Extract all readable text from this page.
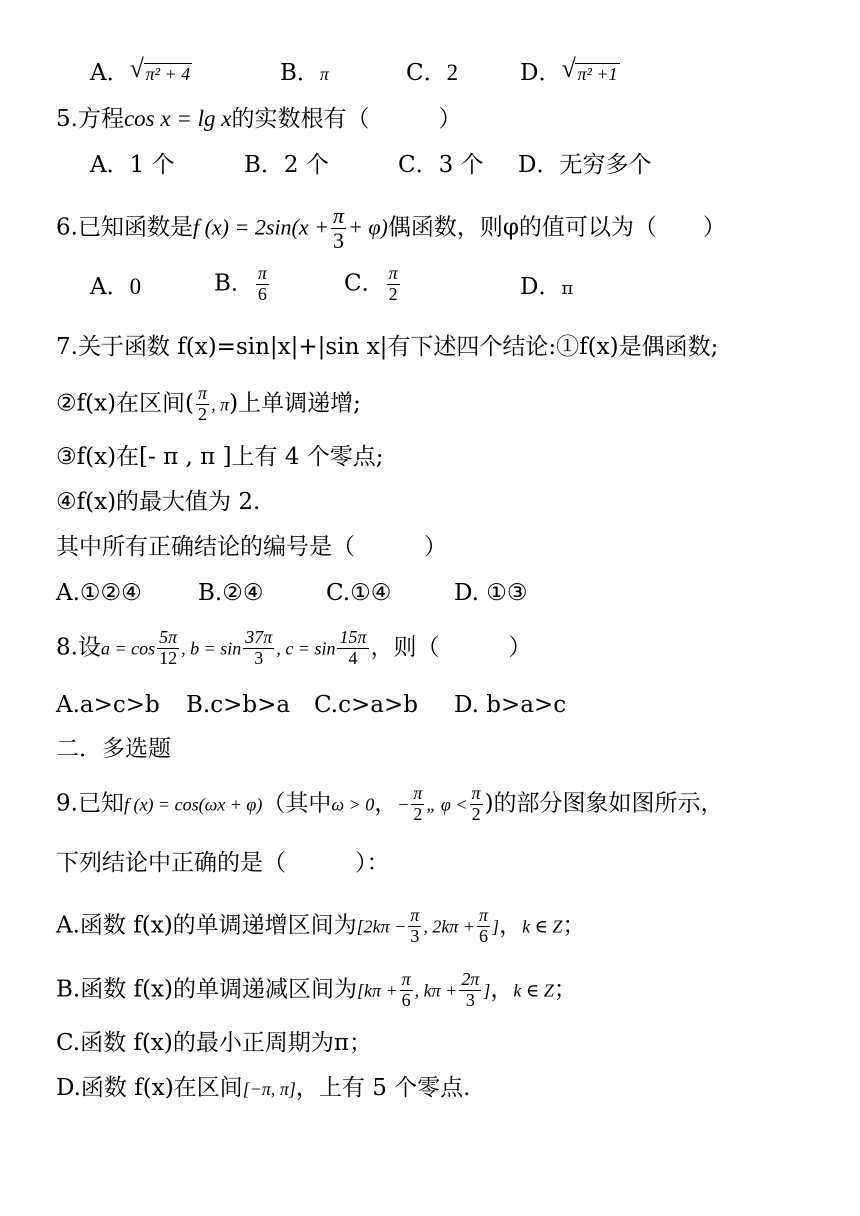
A． √ π² + 4	B．π	C．2	D． √ π² +1
5.方程cos x = lg x的实数根有（　　　）
A．1 个	B．2 个	C．3 个 D．无穷多个
6.已知函数是f $(x) = 2\sin(x + \frac{\pi}{3} + \varphi)$偶函数，则φ的值可以为（　　）
A．0	B． $\frac{\pi}{6}$	C． $\frac{\pi}{2}$	D．π
7.关于函数 f(x)=sin|x|+|sin x|有下述四个结论:①f(x)是偶函数;
②f(x)在区间( $\frac{\pi}{2}$ , π)上单调递增;
③f(x)在[- π , π ]上有 4 个零点;
④f(x)的最大值为 2.
其中所有正确结论的编号是（　　　）
A.①②④ B.②④	C.①④	D. ①③
8.设$a = \cos \frac{5\pi}{12}$ , $b = \sin \frac{37\pi}{3}$ , $c = \sin \frac{15\pi}{4}$ ，则（　　　）
A.a>c>b B.c>b>a C.c>a>b D. b>a>c
二．多选题
9.已知f (x) = cos(ωx + φ)（其中ω > 0，− $\frac{\pi}{2}$ „ $\varphi < \frac{\pi}{2}$ )的部分图象如图所示，
下列结论中正确的是（　　　）：
A.函数 f(x)的单调递增区间为[$2k\pi - \frac{\pi}{3}$ , $2k\pi + \frac{\pi}{6}$ ]，k ∈ Z；
B.函数 f(x)的单调递减区间为[$k\pi + \frac{\pi}{6}$ , $k\pi + \frac{2\pi}{3}$ ]，k ∈ Z；
C.函数 f(x)的最小正周期为π；
D.函数 f(x)在区间[−π, π]，上有 5 个零点.
